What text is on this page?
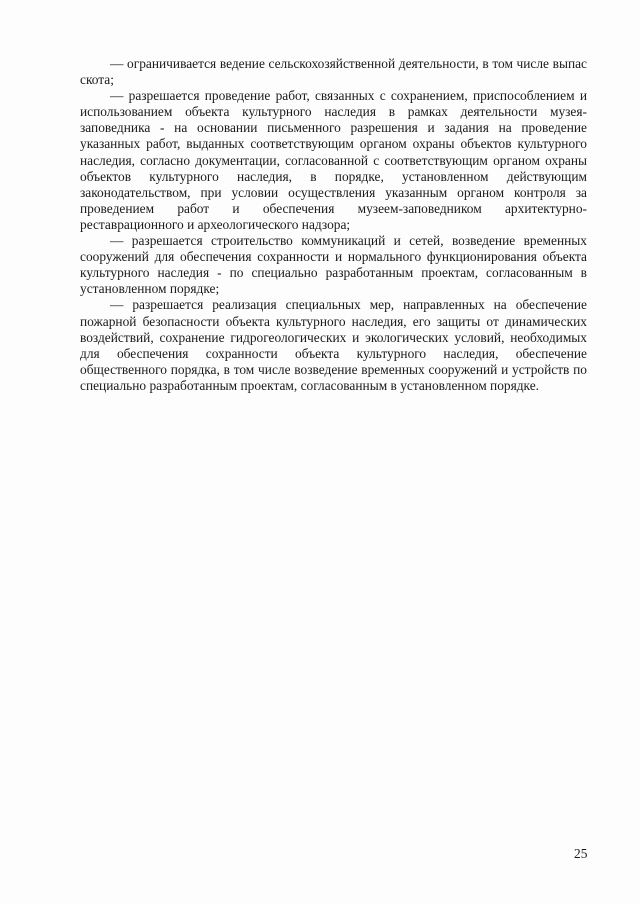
— ограничивается ведение сельскохозяйственной деятельности, в том числе выпас скота;

— разрешается проведение работ, связанных с сохранением, приспособлением и использованием объекта культурного наследия в рамках деятельности музея-заповедника - на основании письменного разрешения и задания на проведение указанных работ, выданных соответствующим органом охраны объектов культурного наследия, согласно документации, согласованной с соответствующим органом охраны объектов культурного наследия, в порядке, установленном действующим законодательством, при условии осуществления указанным органом контроля за проведением работ и обеспечения музеем-заповедником архитектурно-реставрационного и археологического надзора;

— разрешается строительство коммуникаций и сетей, возведение временных сооружений для обеспечения сохранности и нормального функционирования объекта культурного наследия - по специально разработанным проектам, согласованным в установленном порядке;

— разрешается реализация специальных мер, направленных на обеспечение пожарной безопасности объекта культурного наследия, его защиты от динамических воздействий, сохранение гидрогеологических и экологических условий, необходимых для обеспечения сохранности объекта культурного наследия, обеспечение общественного порядка, в том числе возведение временных сооружений и устройств по специально разработанным проектам, согласованным в установленном порядке.

25
